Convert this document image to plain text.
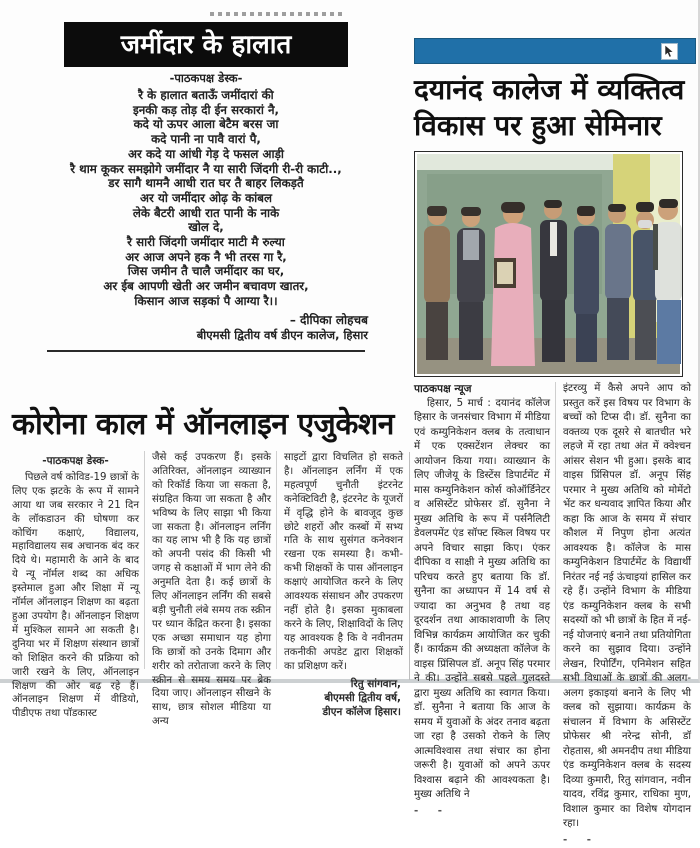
जमींदार के हालात
-पाठकपक्ष डेस्क-
रै के हालात बताऊँ जमींदारां की
इनकी कड़ तोड़ दी ईन सरकारां नै,
कदे यो ऊपर आला बेटैम बरस जा
कदे पानी ना पावै वारां पै,
अर कदे या आंधी गेड़ दे फसल आड़ी
रै थाम कूकर समझोगे जमींदार नै या सारी जिंदगी री-री काटी..,
डर सागै थामनै आधी रात घर तै बाहर लिकड़तै
अर यो जमींदार ओढ़ के कांबल
लेके बैटरी आधी रात पानी के नाके
खोल दे,
रै सारी जिंदगी जमींदार माटी मै रुल्या
अर आज अपने हक नै भी तरस गा रै,
जिस जमीन तै चालै जमींदार का घर,
अर ईब आपणी खेती अर जमीन बचावण खातर,
किसान आज सड़कां पै आग्या रै।।
– दीपिका लोहचब
बीएमसी द्वितीय वर्ष डीएन कालेज, हिसार
कोरोना काल में ऑनलाइन एजुकेशन
-पाठकपक्ष डेस्क-
पिछले वर्ष कोविड-19 छात्रों के लिए एक झटके के रूप में सामने आया था जब सरकार ने 21 दिन के लॉकडाउन की घोषणा कर कोचिंग कक्षाएं, विद्यालय, महाविद्यालय सब अचानक बंद कर दिये थे। महामारी के आने के बाद ये न्यू नॉर्मल शब्द का अधिक इस्तेमाल हुआ और शिक्षा में न्यू नॉर्मल ऑनलाइन शिक्षण का बढ़ता हुआ उपयोग है। ऑनलाइन शिक्षण में मुश्किल सामने आ सकती है। दुनिया भर में शिक्षण संस्थान छात्रों को शिक्षित करने की प्रक्रिया को जारी रखने के लिए, ऑनलाइन शिक्षण की ओर बढ़ रहे हैं। ऑनलाइन शिक्षण में वीडियो, पीडीएफ तथा पॉडकास्ट
जैसे कई उपकरण हैं। इसके अतिरिक्त, ऑनलाइन व्याख्यान को रिकॉर्ड किया जा सकता है, संग्रहित किया जा सकता है और भविष्य के लिए साझा भी किया जा सकता है। ऑनलाइन लर्निंग का यह लाभ भी है कि यह छात्रों को अपनी पसंद की किसी भी जगह से कक्षाओं में भाग लेने की अनुमति देता है। कई छात्रों के लिए ऑनलाइन लर्निंग की सबसे बड़ी चुनौती लंबे समय तक स्क्रीन पर ध्यान केंद्रित करना है। इसका एक अच्छा समाधान यह होगा कि छात्रों को उनके दिमाग और शरीर को तरोताजा करने के लिए स्क्रीन से समय समय पर ब्रेक दिया जाए। ऑनलाइन सीखने के साथ, छात्र सोशल मीडिया या अन्य
साइटों द्वारा विचलित हो सकते है। ऑनलाइन लर्निंग में एक महत्वपूर्ण चुनौती इंटरनेट कनेक्टिविटी है, इंटरनेट के यूजरों में वृद्धि होने के बावजूद कुछ छोटे शहरों और कस्बों में सभ्य गति के साथ सुसंगत कनेक्शन रखना एक समस्या है। कभी-कभी शिक्षकों के पास ऑनलाइन कक्षाएं आयोजित करने के लिए आवश्यक संसाधन और उपकरण नहीं होते है। इसका मुकाबला करने के लिए, शिक्षाविदों के लिए यह आवश्यक है कि वे नवीनतम तकनीकी अपडेट द्वारा शिक्षकों का प्रशिक्षण करें।
रितु सांगवान,
बीएमसी द्वितीय वर्ष,
डीएन कॉलेज हिसार।
दयानंद कालेज में व्यक्तित्व विकास पर हुआ सेमिनार
पाठकपक्ष न्यूज
हिसार, 5 मार्च : दयानंद कॉलेज हिसार के जनसंचार विभाग में मीडिया एवं कम्युनिकेशन क्लब के तत्वाधान में एक एक्सटेंशन लेक्चर का आयोजन किया गया। व्याख्यान के लिए जीजेयू के डिस्टेंस डिपार्टमेंट में मास कम्युनिकेशन कोर्स कोऑर्डिनेटर व असिस्टेंट प्रोफेसर डॉ. सुनैना ने मुख्य अतिथि के रूप में पर्सनैलिटी डेवलपमेंट एंड सॉफ्ट स्किल विषय पर अपने विचार साझा किए। एंकर दीपिका व साक्षी ने मुख्य अतिथि का परिचय करते हुए बताया कि डॉ. सुनैना का अध्यापन में 14 वर्ष से ज्यादा का अनुभव है तथा वह दूरदर्शन तथा आकाशवाणी के लिए विभिन्न कार्यक्रम आयोजित कर चुकी हैं। कार्यक्रम की अध्यक्षता कॉलेज के वाइस प्रिंसिपल डॉ. अनूप सिंह परमार ने की। उन्होंने सबसे पहले गुलदस्ते द्वारा मुख्य अतिथि का स्वागत किया। डॉ. सुनैना ने बताया कि आज के समय में युवाओं के अंदर तनाव बढ़ता जा रहा है उसको रोकने के लिए आत्मविश्वास तथा संचार का होना जरूरी है। युवाओं को अपने ऊपर विश्वास बढ़ाने की आवश्यकता है। मुख्य अतिथि ने
- -
इंटरव्यु में कैसे अपने आप को प्रस्तुत करें इस विषय पर विभाग के बच्चों को टिप्स दी। डॉ. सुनैना का वक्तव्य एक दूसरे से बातचीत भरे लहजे में रहा तथा अंत में क्वेश्चन आंसर सेशन भी हुआ। इसके बाद वाइस प्रिंसिपल डॉ. अनूप सिंह परमार ने मुख्य अतिथि को मोमेंटो भेंट कर धन्यवाद ज्ञापित किया और कहा कि आज के समय में संचार कौशल में निपुण होना अत्यंत आवश्यक है। कॉलेज के मास कम्युनिकेशन डिपार्टमेंट के विद्यार्थी निरंतर नई नई ऊंचाइयां हासिल कर रहे हैं। उन्होंने विभाग के मीडिया एंड कम्युनिकेशन क्लब के सभी सदस्यों को भी छात्रों के हित में नई-नई योजनाएं बनाने तथा प्रतियोगिता करने का सुझाव दिया। उन्होंने लेखन, रिपोर्टिंग, एनिमेशन सहित सभी विधाओं के छात्रों की अलग-अलग इकाइयां बनाने के लिए भी क्लब को सुझाया। कार्यक्रम के संचालन में विभाग के असिस्टेंट प्रोफेसर श्री नरेन्द्र सोनी, डॉ रोहतास, श्री अमनदीप तथा मीडिया एंड कम्युनिकेशन क्लब के सदस्य दिव्या कुमारी, रितु सांगवान, नवीन यादव, रविंद्र कुमार, राधिका मुण, विशाल कुमार का विशेष योगदान रहा।
- -
